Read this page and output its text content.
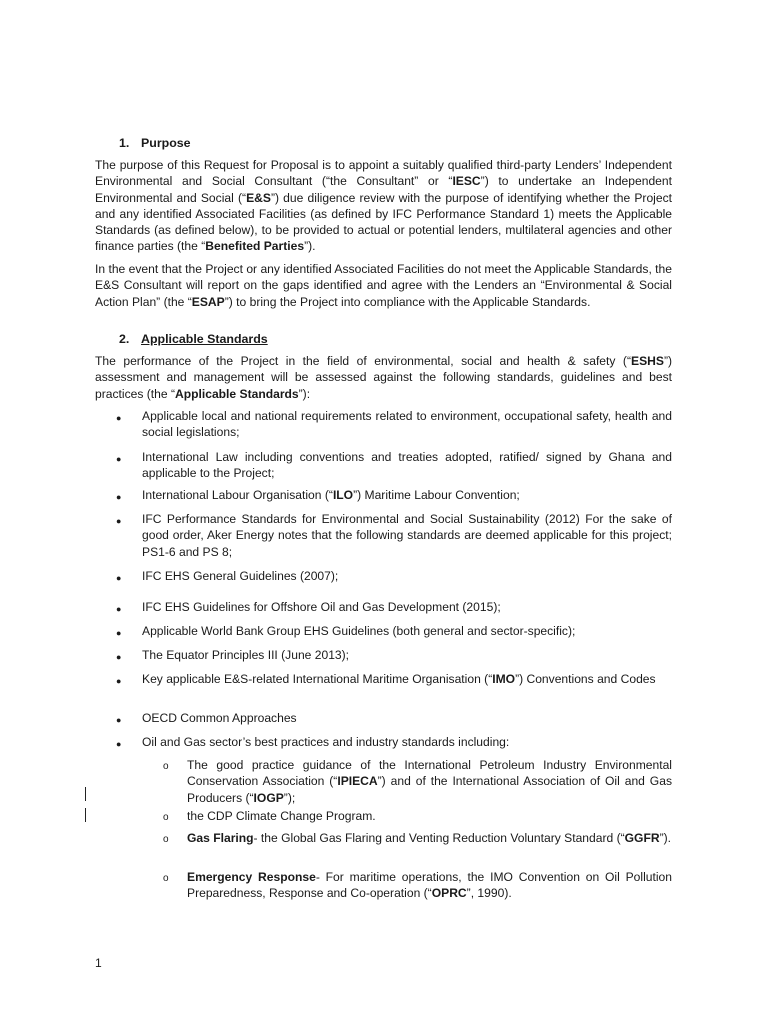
1. Purpose
The purpose of this Request for Proposal is to appoint a suitably qualified third-party Lenders’ Independent Environmental and Social Consultant (“the Consultant” or “IESC”) to undertake an Independent Environmental and Social (“E&S”) due diligence review with the purpose of identifying whether the Project and any identified Associated Facilities (as defined by IFC Performance Standard 1) meets the Applicable Standards (as defined below), to be provided to actual or potential lenders, multilateral agencies and other finance parties (the “Benefited Parties”).
In the event that the Project or any identified Associated Facilities do not meet the Applicable Standards, the E&S Consultant will report on the gaps identified and agree with the Lenders an “Environmental & Social Action Plan” (the “ESAP”) to bring the Project into compliance with the Applicable Standards.
2. Applicable Standards
The performance of the Project in the field of environmental, social and health & safety (“ESHS”) assessment and management will be assessed against the following standards, guidelines and best practices (the “Applicable Standards”):
● Applicable local and national requirements related to environment, occupational safety, health and social legislations;
● International Law including conventions and treaties adopted, ratified/ signed by Ghana and applicable to the Project;
● International Labour Organisation (“ILO”) Maritime Labour Convention;
● IFC Performance Standards for Environmental and Social Sustainability (2012) For the sake of good order, Aker Energy notes that the following standards are deemed applicable for this project; PS1-6 and PS 8;
● IFC EHS General Guidelines (2007);
● IFC EHS Guidelines for Offshore Oil and Gas Development (2015);
● Applicable World Bank Group EHS Guidelines (both general and sector-specific);
● The Equator Principles III (June 2013);
● Key applicable E&S-related International Maritime Organisation (“IMO”) Conventions and Codes
● OECD Common Approaches
● Oil and Gas sector’s best practices and industry standards including:
o The good practice guidance of the International Petroleum Industry Environmental Conservation Association (“IPIECA”) and of the International Association of Oil and Gas Producers (“IOGP”);
o the CDP Climate Change Program.
o Gas Flaring- the Global Gas Flaring and Venting Reduction Voluntary Standard (“GGFR”).
o Emergency Response- For maritime operations, the IMO Convention on Oil Pollution Preparedness, Response and Co-operation (“OPRC”, 1990).
1
